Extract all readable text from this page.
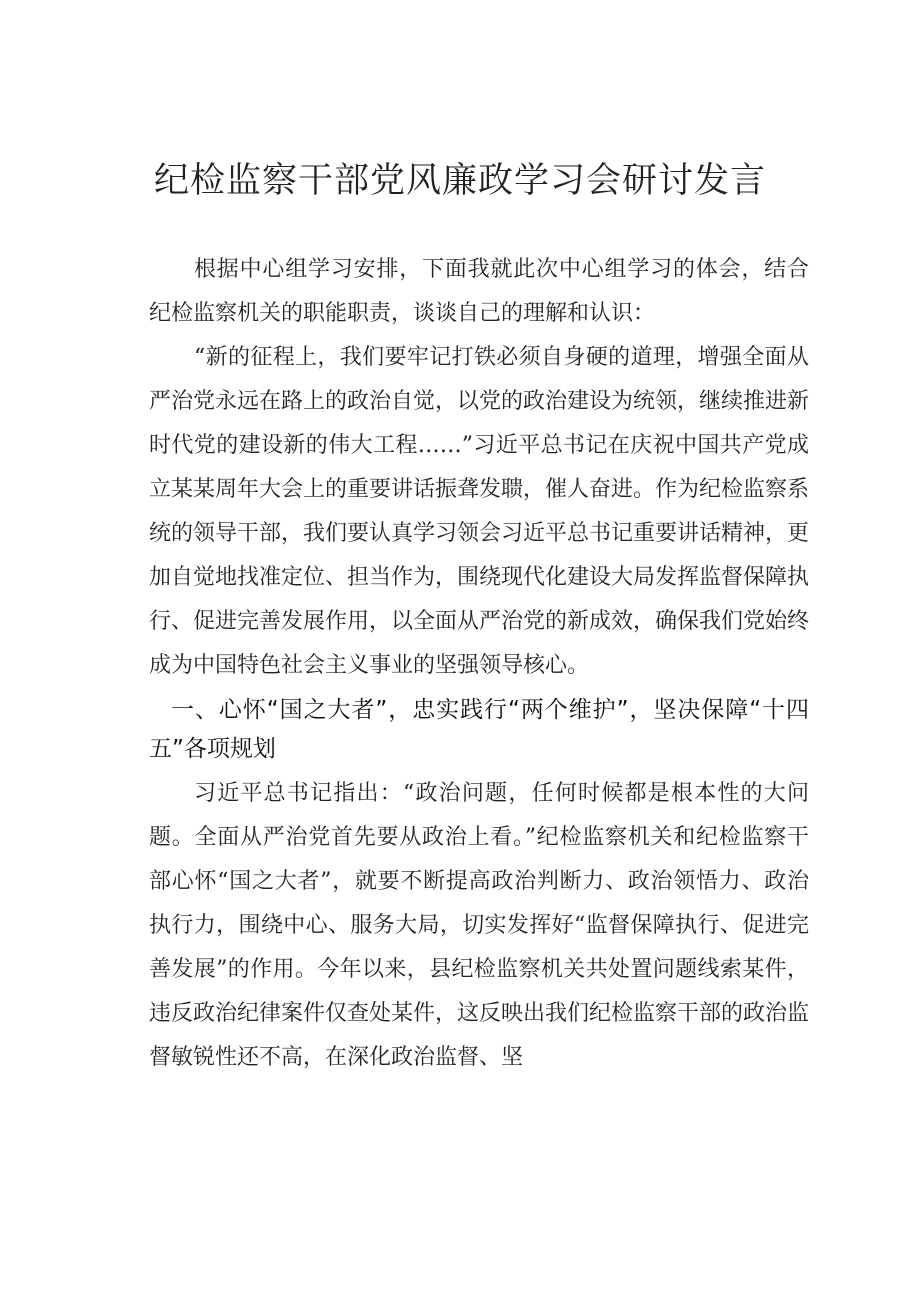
纪检监察干部党风廉政学习会研讨发言

根据中心组学习安排，下面我就此次中心组学习的体会，结合纪检监察机关的职能职责，谈谈自己的理解和认识：

“新的征程上，我们要牢记打铁必须自身硬的道理，增强全面从严治党永远在路上的政治自觉，以党的政治建设为统领，继续推进新时代党的建设新的伟大工程……”习近平总书记在庆祝中国共产党成立某某周年大会上的重要讲话振聋发聩，催人奋进。作为纪检监察系统的领导干部，我们要认真学习领会习近平总书记重要讲话精神，更加自觉地找准定位、担当作为，围绕现代化建设大局发挥监督保障执行、促进完善发展作用，以全面从严治党的新成效，确保我们党始终成为中国特色社会主义事业的坚强领导核心。

一、心怀“国之大者”，忠实践行“两个维护”，坚决保障“十四五”各项规划

习近平总书记指出：“政治问题，任何时候都是根本性的大问题。全面从严治党首先要从政治上看。”纪检监察机关和纪检监察干部心怀“国之大者”，就要不断提高政治判断力、政治领悟力、政治执行力，围绕中心、服务大局，切实发挥好“监督保障执行、促进完善发展”的作用。今年以来，县纪检监察机关共处置问题线索某件，违反政治纪律案件仅查处某件，这反映出我们纪检监察干部的政治监督敏锐性还不高，在深化政治监督、坚
